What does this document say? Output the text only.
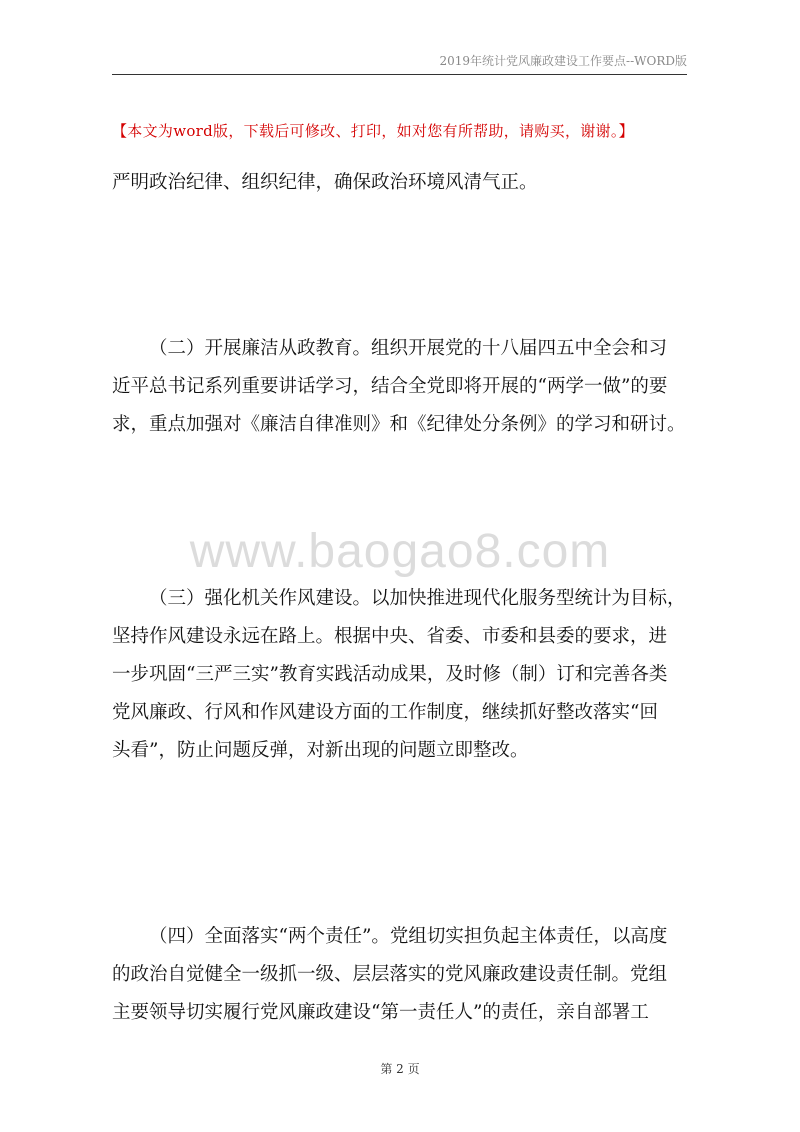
2019年统计党风廉政建设工作要点--WORD版
【本文为word版，下载后可修改、打印，如对您有所帮助，请购买，谢谢。】
严明政治纪律、组织纪律，确保政治环境风清气正。
（二）开展廉洁从政教育。组织开展党的十八届四五中全会和习
近平总书记系列重要讲话学习，结合全党即将开展的“两学一做”的要
求，重点加强对《廉洁自律准则》和《纪律处分条例》的学习和研讨。
www.baogao8.com
（三）强化机关作风建设。以加快推进现代化服务型统计为目标，
坚持作风建设永远在路上。根据中央、省委、市委和县委的要求，进
一步巩固“三严三实”教育实践活动成果，及时修（制）订和完善各类
党风廉政、行风和作风建设方面的工作制度，继续抓好整改落实“回
头看”，防止问题反弹，对新出现的问题立即整改。
（四）全面落实“两个责任”。党组切实担负起主体责任，以高度
的政治自觉健全一级抓一级、层层落实的党风廉政建设责任制。党组
主要领导切实履行党风廉政建设“第一责任人”的责任，亲自部署工
第 2 页
